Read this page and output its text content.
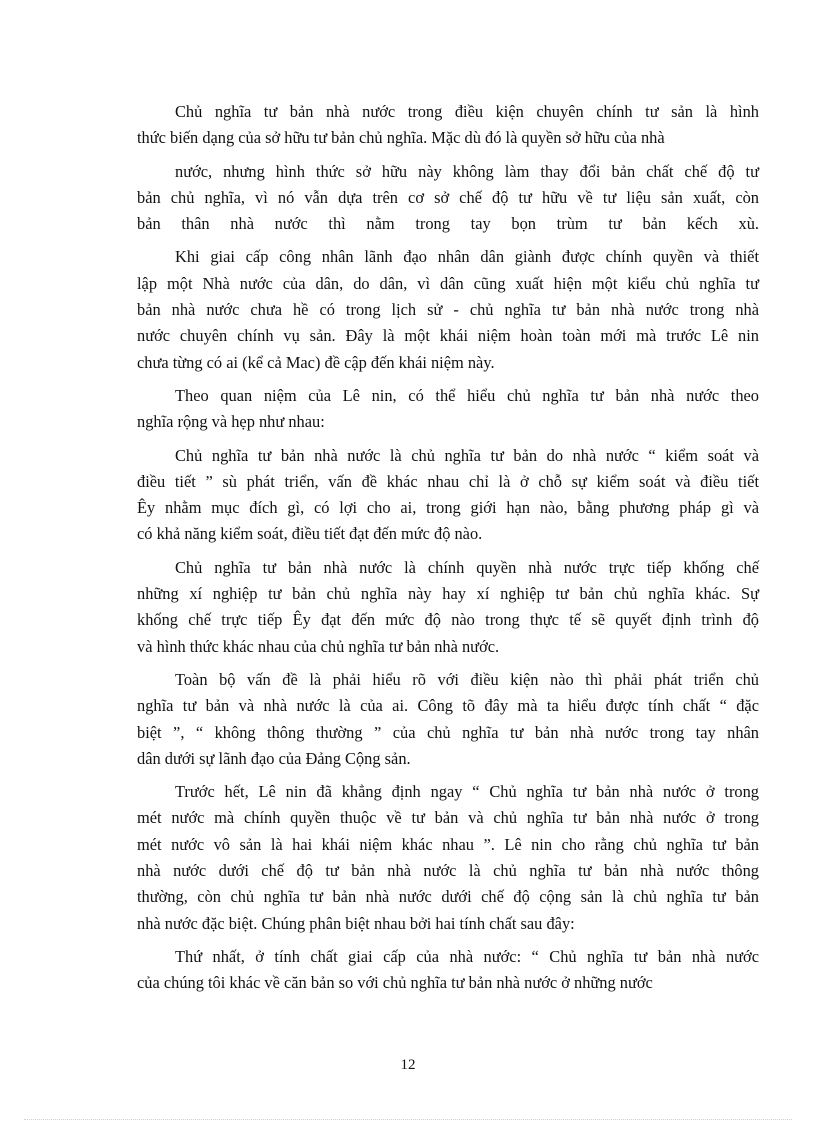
Chủ nghĩa tư bản nhà nước trong điều kiện chuyên chính tư sản là hình
thức biến dạng của sở hữu tư bản chủ nghĩa. Mặc dù đó là quyền sở hữu của nhà

nước, nhưng hình thức sở hữu này không làm thay đổi bản chất chế độ tư
bản chủ nghĩa, vì nó vẫn dựa trên cơ sở chế độ tư hữu về tư liệu sản xuất, còn
bản thân nhà nước thì nằm trong tay bọn trùm tư bản kếch xù.

Khi giai cấp công nhân lãnh đạo nhân dân giành được chính quyền và thiết
lập một Nhà nước của dân, do dân, vì dân cũng xuất hiện một kiểu chủ nghĩa tư
bản nhà nước chưa hề có trong lịch sử - chủ nghĩa tư bản nhà nước trong nhà
nước chuyên chính vụ sản. Đây là một khái niệm hoàn toàn mới mà trước Lê nin
chưa từng có ai (kể cả Mac) đề cập đến khái niệm này.

Theo quan niệm của Lê nin, có thể hiểu chủ nghĩa tư bản nhà nước theo
nghĩa rộng và hẹp như nhau:

Chủ nghĩa tư bản nhà nước là chủ nghĩa tư bản do nhà nước “ kiểm soát và
điều tiết ” sù phát triển, vấn đề khác nhau chỉ là ở chỗ sự kiểm soát và điều tiết
Êy nhằm mục đích gì, có lợi cho ai, trong giới hạn nào, bằng phương pháp gì và
có khả năng kiểm soát, điều tiết đạt đến mức độ nào.

Chủ nghĩa tư bản nhà nước là chính quyền nhà nước trực tiếp khống chế
những xí nghiệp tư bản chủ nghĩa này hay xí nghiệp tư bản chủ nghĩa khác. Sự
khống chế trực tiếp Êy đạt đến mức độ nào trong thực tế sẽ quyết định trình độ
và hình thức khác nhau của chủ nghĩa tư bản nhà nước.

Toàn bộ vấn đề là phải hiểu rõ với điều kiện nào thì phải phát triển chủ
nghĩa tư bản và nhà nước là của ai. Công tõ đây mà ta hiểu được tính chất “ đặc
biệt ”, “ không thông thường ” của chủ nghĩa tư bản nhà nước trong tay nhân
dân dưới sự lãnh đạo của Đảng Cộng sản.

Trước hết, Lê nin đã khẳng định ngay “ Chủ nghĩa tư bản nhà nước ở trong
mét nước mà chính quyền thuộc về tư bản và chủ nghĩa tư bản nhà nước ở trong
mét nước vô sản là hai khái niệm khác nhau ”. Lê nin cho rằng chủ nghĩa tư bản
nhà nước dưới chế độ tư bản nhà nước là chủ nghĩa tư bản nhà nước thông
thường, còn chủ nghĩa tư bản nhà nước dưới chế độ cộng sản là chủ nghĩa tư bản
nhà nước đặc biệt. Chúng phân biệt nhau bởi hai tính chất sau đây:

Thứ nhất, ở tính chất giai cấp của nhà nước: “ Chủ nghĩa tư bản nhà nước
của chúng tôi khác về căn bản so với chủ nghĩa tư bản nhà nước ở những nước

12
